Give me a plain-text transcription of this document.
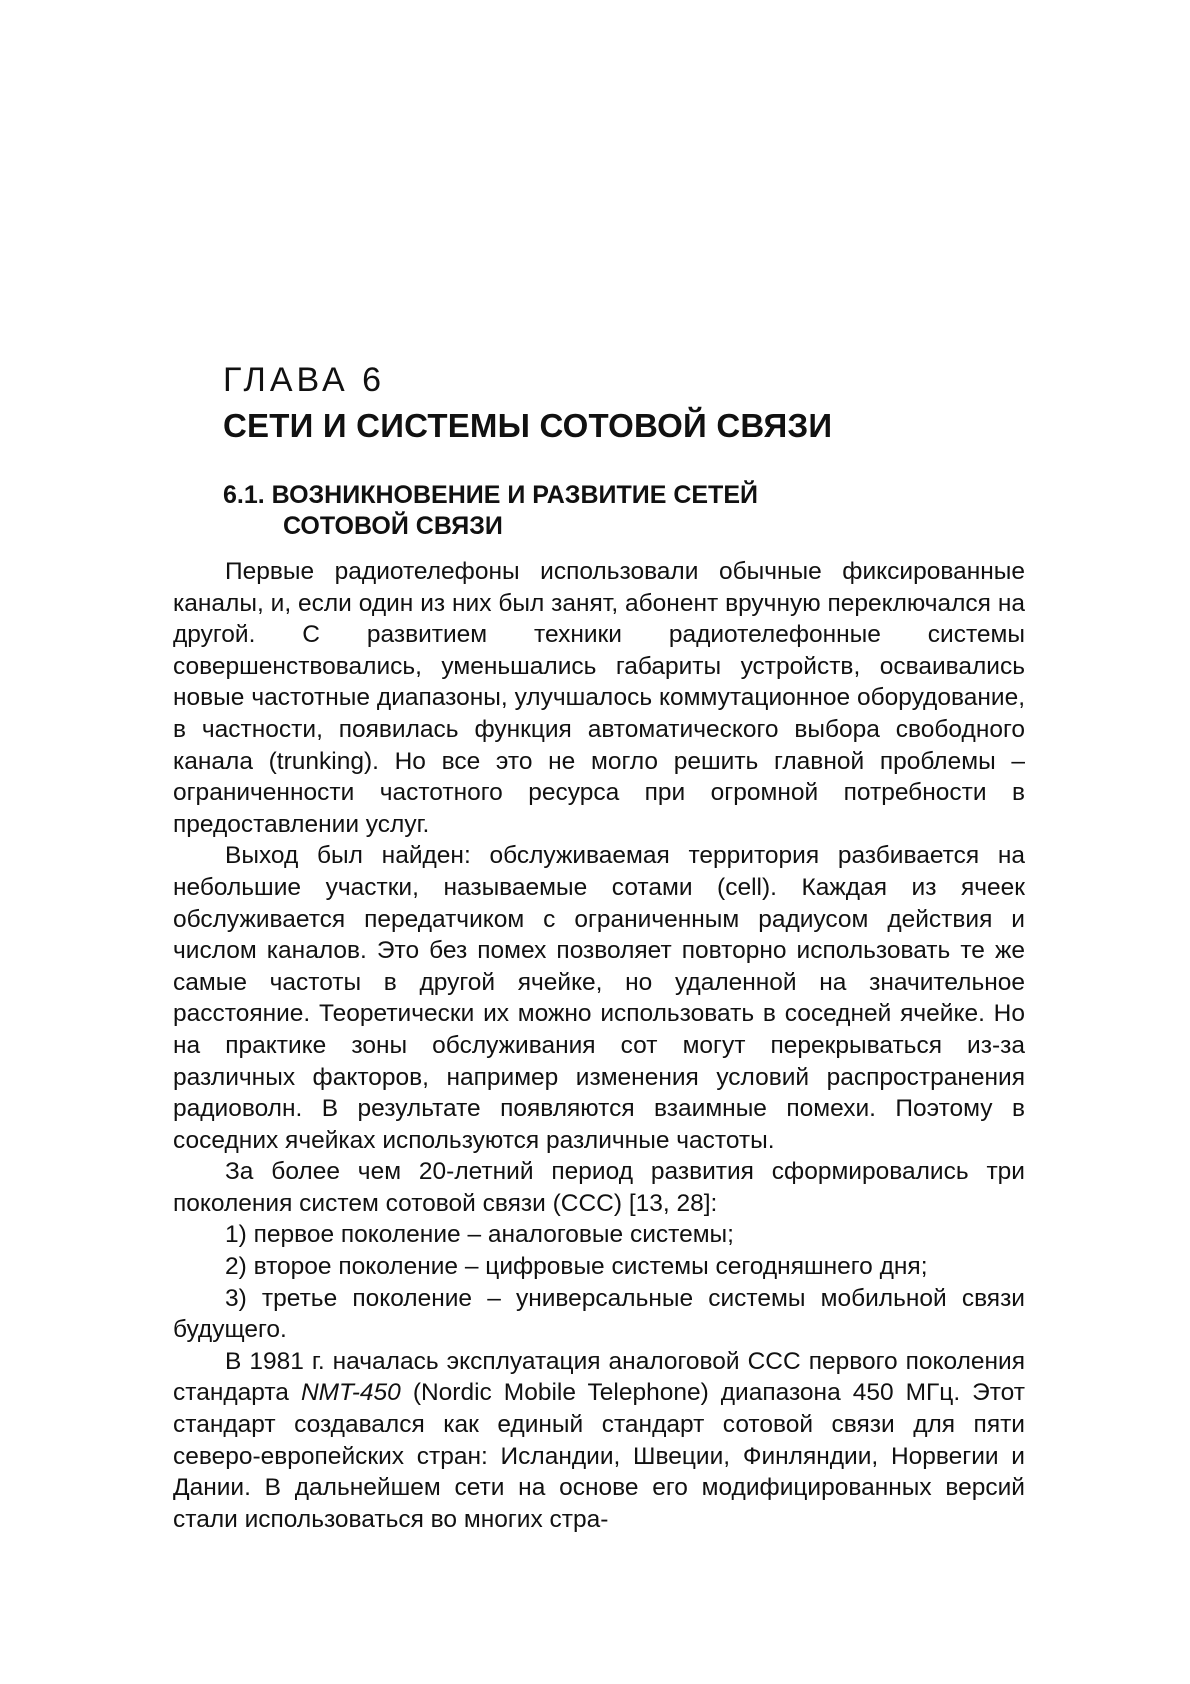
ГЛАВА 6
СЕТИ И СИСТЕМЫ СОТОВОЙ СВЯЗИ
6.1. ВОЗНИКНОВЕНИЕ И РАЗВИТИЕ СЕТЕЙ
СОТОВОЙ СВЯЗИ

Первые радиотелефоны использовали обычные фиксированные каналы, и, если один из них был занят, абонент вручную переключался на другой. С развитием техники радиотелефонные системы совершенствовались, уменьшались габариты устройств, осваивались новые частотные диапазоны, улучшалось коммутационное оборудование, в частности, появилась функция автоматического выбора свободного канала (trunking). Но все это не могло решить главной проблемы – ограниченности частотного ресурса при огромной потребности в предоставлении услуг.

Выход был найден: обслуживаемая территория разбивается на небольшие участки, называемые сотами (cell). Каждая из ячеек обслуживается передатчиком с ограниченным радиусом действия и числом каналов. Это без помех позволяет повторно использовать те же самые частоты в другой ячейке, но удаленной на значительное расстояние. Теоретически их можно использовать в соседней ячейке. Но на практике зоны обслуживания сот могут перекрываться из-за различных факторов, например изменения условий распространения радиоволн. В результате появляются взаимные помехи. Поэтому в соседних ячейках используются различные частоты.

За более чем 20-летний период развития сформировались три поколения систем сотовой связи (ССС) [13, 28]:

1) первое поколение – аналоговые системы;

2) второе поколение – цифровые системы сегодняшнего дня;

3) третье поколение – универсальные системы мобильной связи будущего.

В 1981 г. началась эксплуатация аналоговой ССС первого поколения стандарта NMT-450 (Nordic Mobile Telephone) диапазона 450 МГц. Этот стандарт создавался как единый стандарт сотовой связи для пяти северо-европейских стран: Исландии, Швеции, Финляндии, Норвегии и Дании. В дальнейшем сети на основе его модифицированных версий стали использоваться во многих стра-
